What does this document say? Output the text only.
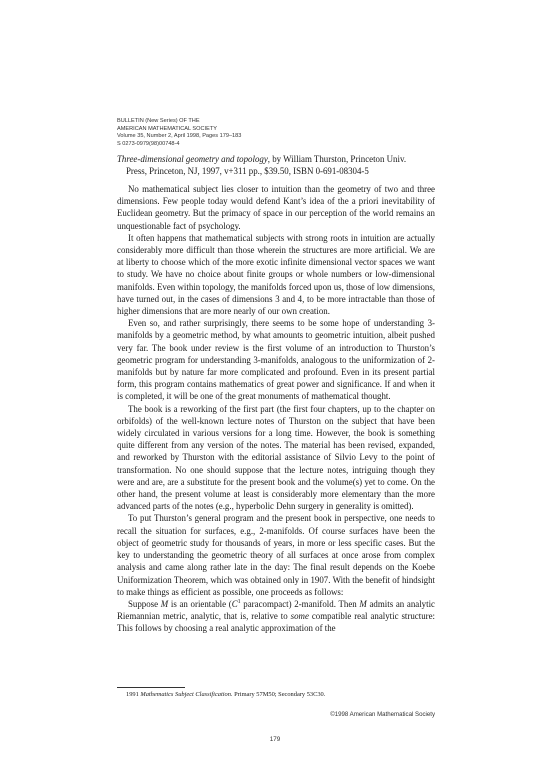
BULLETIN (New Series) OF THE
AMERICAN MATHEMATICAL SOCIETY
Volume 35, Number 2, April 1998, Pages 179–183
S 0273-0979(98)00748-4
Three-dimensional geometry and topology, by William Thurston, Princeton Univ.
Press, Princeton, NJ, 1997, v+311 pp., $39.50, ISBN 0-691-08304-5

No mathematical subject lies closer to intuition than the geometry of two and three dimensions. Few people today would defend Kant’s idea of the a priori inevitability of Euclidean geometry. But the primacy of space in our perception of the world remains an unquestionable fact of psychology.

It often happens that mathematical subjects with strong roots in intuition are actually considerably more difficult than those wherein the structures are more artificial. We are at liberty to choose which of the more exotic infinite dimensional vector spaces we want to study. We have no choice about finite groups or whole numbers or low-dimensional manifolds. Even within topology, the manifolds forced upon us, those of low dimensions, have turned out, in the cases of dimensions 3 and 4, to be more intractable than those of higher dimensions that are more nearly of our own creation.

Even so, and rather surprisingly, there seems to be some hope of understanding 3-manifolds by a geometric method, by what amounts to geometric intuition, albeit pushed very far. The book under review is the first volume of an introduction to Thurston’s geometric program for understanding 3-manifolds, analogous to the uniformization of 2-manifolds but by nature far more complicated and profound. Even in its present partial form, this program contains mathematics of great power and significance. If and when it is completed, it will be one of the great monuments of mathematical thought.

The book is a reworking of the first part (the first four chapters, up to the chapter on orbifolds) of the well-known lecture notes of Thurston on the subject that have been widely circulated in various versions for a long time. However, the book is something quite different from any version of the notes. The material has been revised, expanded, and reworked by Thurston with the editorial assistance of Silvio Levy to the point of transformation. No one should suppose that the lecture notes, intriguing though they were and are, are a substitute for the present book and the volume(s) yet to come. On the other hand, the present volume at least is considerably more elementary than the more advanced parts of the notes (e.g., hyperbolic Dehn surgery in generality is omitted).

To put Thurston’s general program and the present book in perspective, one needs to recall the situation for surfaces, e.g., 2-manifolds. Of course surfaces have been the object of geometric study for thousands of years, in more or less specific cases. But the key to understanding the geometric theory of all surfaces at once arose from complex analysis and came along rather late in the day: The final result depends on the Koebe Uniformization Theorem, which was obtained only in 1907. With the benefit of hindsight to make things as efficient as possible, one proceeds as follows:

Suppose M is an orientable ($C^1$ paracompact) 2-manifold. Then M admits an analytic Riemannian metric, analytic, that is, relative to some compatible real analytic structure: This follows by choosing a real analytic approximation of the

1991 Mathematics Subject Classification. Primary 57M50; Secondary 53C30.
©1998 American Mathematical Society
179
